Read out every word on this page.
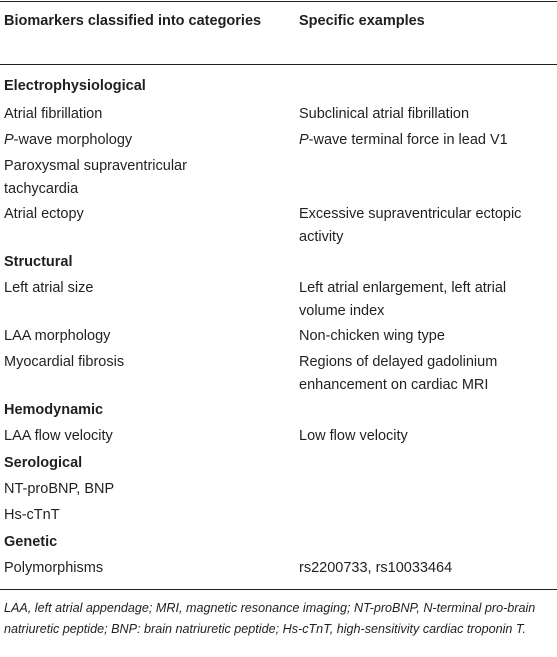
Biomarkers classified into categories	Specific examples
Electrophysiological
Atrial fibrillation	Subclinical atrial fibrillation
P-wave morphology	P-wave terminal force in lead V1
Paroxysmal supraventricular tachycardia
Atrial ectopy	Excessive supraventricular ectopic activity
Structural
Left atrial size	Left atrial enlargement, left atrial volume index
LAA morphology	Non-chicken wing type
Myocardial fibrosis	Regions of delayed gadolinium enhancement on cardiac MRI
Hemodynamic
LAA flow velocity	Low flow velocity
Serological
NT-proBNP, BNP
Hs-cTnT
Genetic
Polymorphisms	rs2200733, rs10033464
LAA, left atrial appendage; MRI, magnetic resonance imaging; NT-proBNP, N-terminal pro-brain natriuretic peptide; BNP: brain natriuretic peptide; Hs-cTnT, high-sensitivity cardiac troponin T.
